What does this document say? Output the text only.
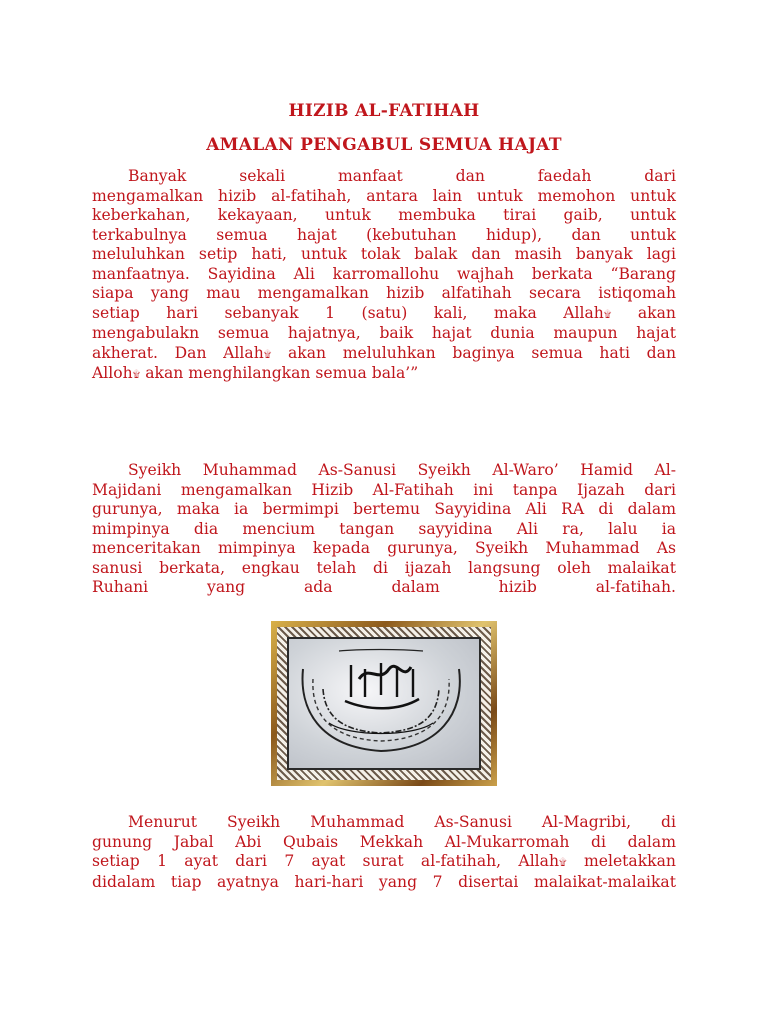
HIZIB AL-FATIHAH
AMALAN PENGABUL SEMUA HAJAT
Banyak	sekali	manfaat	dan	faedah	dari
mengamalkan hizib al-fatihah, antara lain untuk memohon untuk
keberkahan, kekayaan, untuk membuka tirai gaib, untuk
terkabulnya semua hajat (kebutuhan hidup), dan untuk
meluluhkan setip hati, untuk tolak balak dan masih banyak lagi
manfaatnya. Sayidina Ali karromallohu wajhah berkata “Barang
siapa yang mau mengamalkan hizib alfatihah secara istiqomah
setiap hari sebanyak 1 (satu) kali, maka Allah۩ akan
mengabulakn semua hajatnya, baik hajat dunia maupun hajat
akherat. Dan Allah۩ akan meluluhkan baginya semua hati dan
Alloh۩ akan menghilangkan semua bala’”
Syeikh Muhammad As-Sanusi Syeikh Al-Waro’ Hamid Al-
Majidani mengamalkan Hizib Al-Fatihah ini tanpa Ijazah dari
gurunya, maka ia bermimpi bertemu Sayyidina Ali RA di dalam
mimpinya dia mencium tangan sayyidina Ali ra, lalu ia
menceritakan mimpinya kepada gurunya, Syeikh Muhammad As
sanusi berkata, engkau telah di ijazah langsung oleh malaikat
Ruhani	yang	ada	dalam	hizib	al-fatihah.
Menurut Syeikh Muhammad As-Sanusi Al-Magribi, di
gunung Jabal Abi Qubais Mekkah Al-Mukarromah di dalam
setiap 1 ayat dari 7 ayat surat al-fatihah, Allah۩ meletakkan
didalam tiap ayatnya hari-hari yang 7 disertai malaikat-malaikat
